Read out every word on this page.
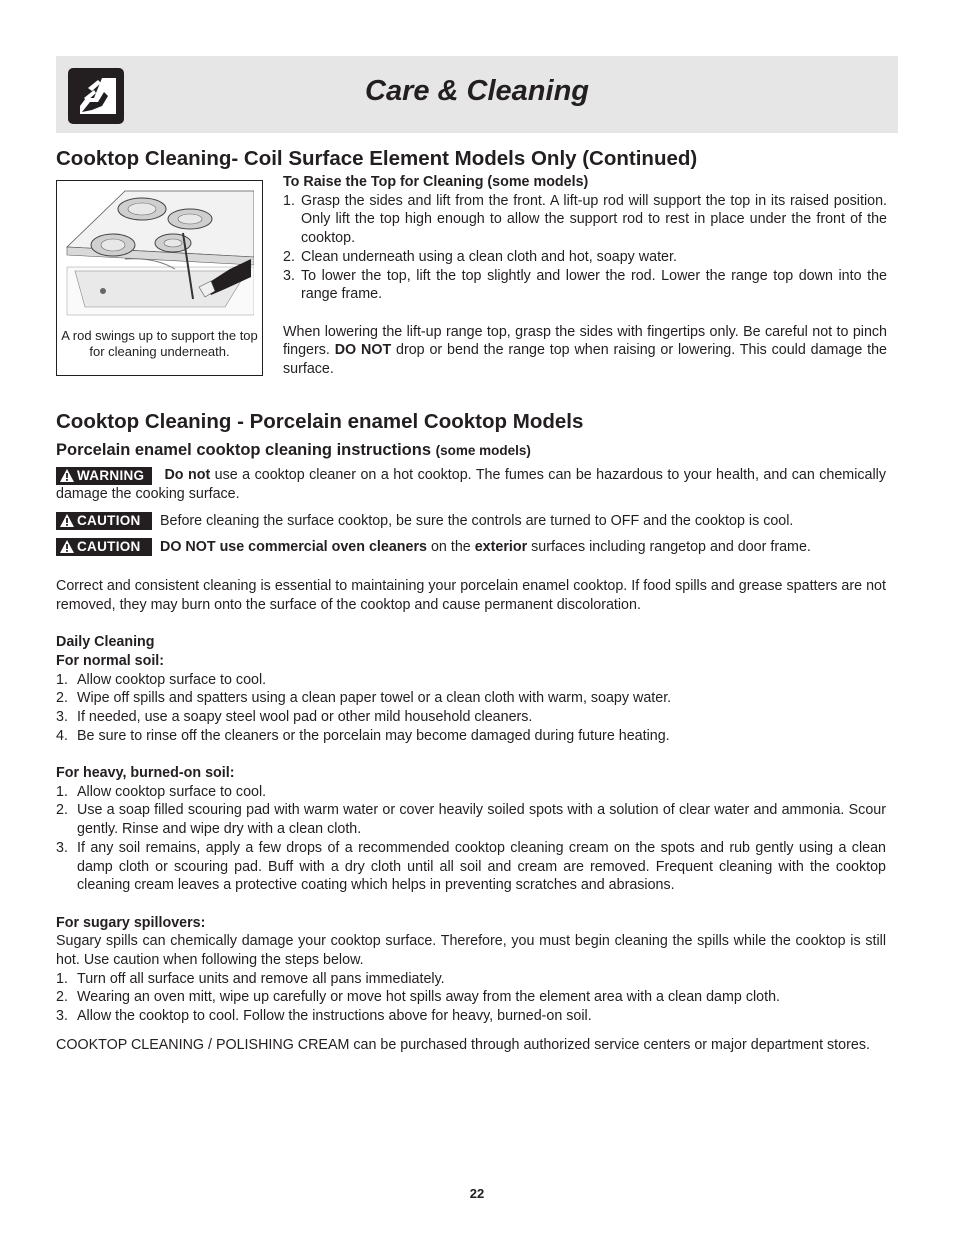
Care & Cleaning
Cooktop Cleaning- Coil Surface Element Models Only (Continued)
A rod swings up to support the top for cleaning underneath.

To Raise the Top for Cleaning (some models)

1. Grasp the sides and lift from the front. A lift-up rod will support the top in its raised position. Only lift the top high enough to allow the support rod to rest in place under the front of the cooktop.
2. Clean underneath using a clean cloth and hot, soapy water.
3. To lower the top, lift the top slightly and lower the rod. Lower the range top down into the range frame.

When lowering the lift-up range top, grasp the sides with fingertips only. Be careful not to pinch fingers. DO NOT drop or bend the range top when raising or lowering. This could damage the surface.

Cooktop Cleaning - Porcelain enamel Cooktop Models
Porcelain enamel cooktop cleaning instructions (some models)
Do not use a cooktop cleaner on a hot cooktop. The fumes can be hazardous to your health, and can chemically damage the cooking surface.
WARNING
CAUTION	Before cleaning the surface cooktop, be sure the controls are turned to OFF and the cooktop is cool.
CAUTION	DO NOT use commercial oven cleaners on the exterior surfaces including rangetop and door frame.

Correct and consistent cleaning is essential to maintaining your porcelain enamel cooktop. If food spills and grease spatters are not removed, they may burn onto the surface of the cooktop and cause permanent discoloration.

Daily Cleaning

For normal soil:

1. Allow cooktop surface to cool.
2. Wipe off spills and spatters using a clean paper towel or a clean cloth with warm, soapy water.
3. If needed, use a soapy steel wool pad or other mild household cleaners.
4. Be sure to rinse off the cleaners or the porcelain may become damaged during future heating.

For heavy, burned-on soil:

1. Allow cooktop surface to cool.
2. Use a soap filled scouring pad with warm water or cover heavily soiled spots with a solution of clear water and ammonia. Scour gently. Rinse and wipe dry with a clean cloth.
3. If any soil remains, apply a few drops of a recommended cooktop cleaning cream on the spots and rub gently using a clean damp cloth or scouring pad. Buff with a dry cloth until all soil and cream are removed. Frequent cleaning with the cooktop cleaning cream leaves a protective coating which helps in preventing scratches and abrasions.

For sugary spillovers:

Sugary spills can chemically damage your cooktop surface. Therefore, you must begin cleaning the spills while the cooktop is still hot. Use caution when following the steps below.

1. Turn off all surface units and remove all pans immediately.
2. Wearing an oven mitt, wipe up carefully or move hot spills away from the element area with a clean damp cloth.
3. Allow the cooktop to cool. Follow the instructions above for heavy, burned-on soil.

COOKTOP CLEANING / POLISHING CREAM can be purchased through authorized service centers or major department stores.

22
